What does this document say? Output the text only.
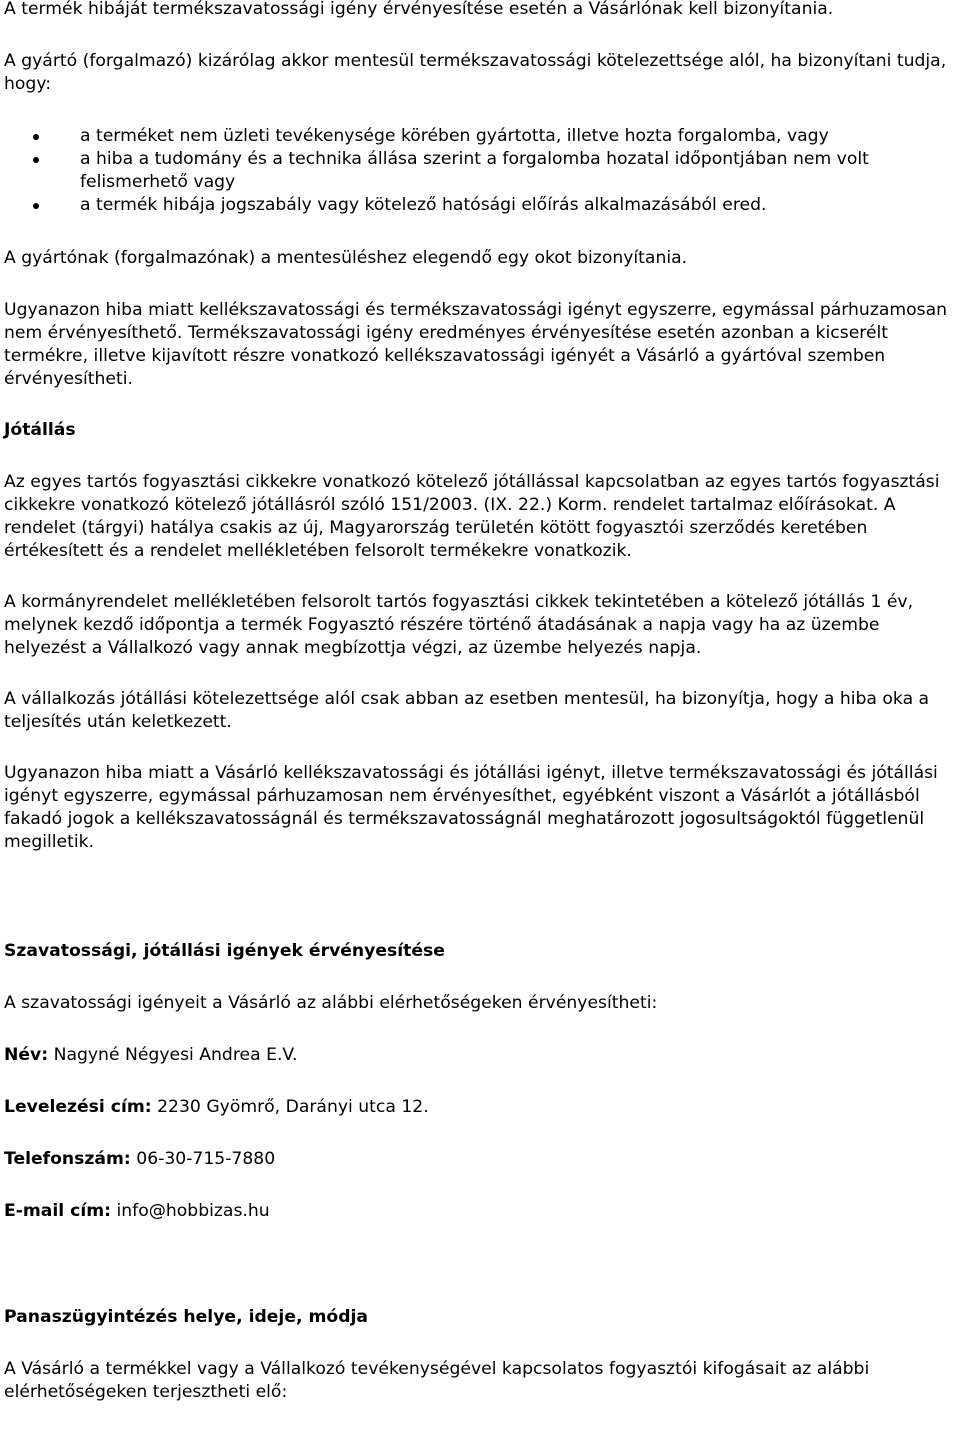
A termék hibáját termékszavatossági igény érvényesítése esetén a Vásárlónak kell bizonyítania.

A gyártó (forgalmazó) kizárólag akkor mentesül termékszavatossági kötelezettsége alól, ha bizonyítani tudja, hogy:

a terméket nem üzleti tevékenysége körében gyártotta, illetve hozta forgalomba, vagy
a hiba a tudomány és a technika állása szerint a forgalomba hozatal időpontjában nem volt felismerhető vagy
a termék hibája jogszabály vagy kötelező hatósági előírás alkalmazásából ered.

A gyártónak (forgalmazónak) a mentesüléshez elegendő egy okot bizonyítania.

Ugyanazon hiba miatt kellékszavatossági és termékszavatossági igényt egyszerre, egymással párhuzamosan nem érvényesíthető. Termékszavatossági igény eredményes érvényesítése esetén azonban a kicserélt termékre, illetve kijavított részre vonatkozó kellékszavatossági igényét a Vásárló a gyártóval szemben érvényesítheti.

Jótállás

Az egyes tartós fogyasztási cikkekre vonatkozó kötelező jótállással kapcsolatban az egyes tartós fogyasztási cikkekre vonatkozó kötelező jótállásról szóló 151/2003. (IX. 22.) Korm. rendelet tartalmaz előírásokat. A rendelet (tárgyi) hatálya csakis az új, Magyarország területén kötött fogyasztói szerződés keretében értékesített és a rendelet mellékletében felsorolt termékekre vonatkozik.

A kormányrendelet mellékletében felsorolt tartós fogyasztási cikkek tekintetében a kötelező jótállás 1 év, melynek kezdő időpontja a termék Fogyasztó részére történő átadásának a napja vagy ha az üzembe helyezést a Vállalkozó vagy annak megbízottja végzi, az üzembe helyezés napja.

A vállalkozás jótállási kötelezettsége alól csak abban az esetben mentesül, ha bizonyítja, hogy a hiba oka a teljesítés után keletkezett.

Ugyanazon hiba miatt a Vásárló kellékszavatossági és jótállási igényt, illetve termékszavatossági és jótállási igényt egyszerre, egymással párhuzamosan nem érvényesíthet, egyébként viszont a Vásárlót a jótállásból fakadó jogok a kellékszavatosságnál és termékszavatosságnál meghatározott jogosultságoktól függetlenül megilletik.

Szavatossági, jótállási igények érvényesítése

A szavatossági igényeit a Vásárló az alábbi elérhetőségeken érvényesítheti:

Név: Nagyné Négyesi Andrea E.V.

Levelezési cím: 2230 Gyömrő, Darányi utca 12.

Telefonszám: 06-30-715-7880

E-mail cím: info@hobbizas.hu

Panaszügyintézés helye, ideje, módja

A Vásárló a termékkel vagy a Vállalkozó tevékenységével kapcsolatos fogyasztói kifogásait az alábbi elérhetőségeken terjesztheti elő:
